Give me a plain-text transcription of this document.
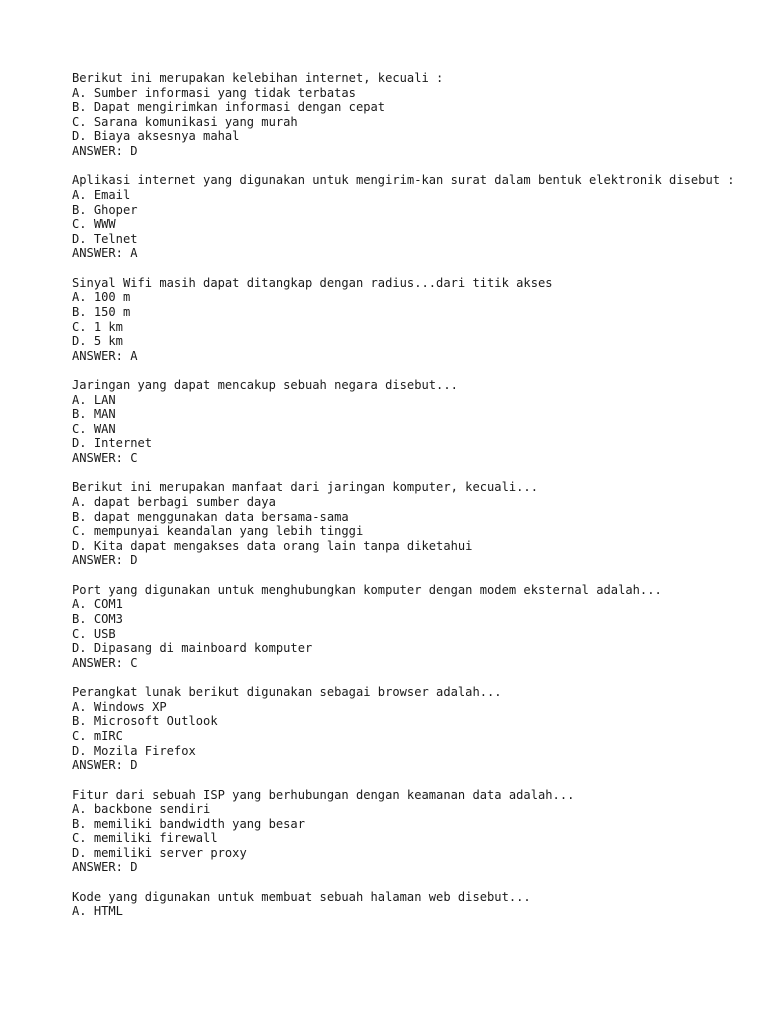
Berikut ini merupakan kelebihan internet, kecuali :
A. Sumber informasi yang tidak terbatas
B. Dapat mengirimkan informasi dengan cepat
C. Sarana komunikasi yang murah
D. Biaya aksesnya mahal
ANSWER: D
Aplikasi internet yang digunakan untuk mengirim-kan surat dalam bentuk elektronik disebut :
A. Email
B. Ghoper
C. WWW
D. Telnet
ANSWER: A
Sinyal Wifi masih dapat ditangkap dengan radius...dari titik akses
A. 100 m
B. 150 m
C. 1 km
D. 5 km
ANSWER: A
Jaringan yang dapat mencakup sebuah negara disebut...
A. LAN
B. MAN
C. WAN
D. Internet
ANSWER: C
Berikut ini merupakan manfaat dari jaringan komputer, kecuali...
A. dapat berbagi sumber daya
B. dapat menggunakan data bersama-sama
C. mempunyai keandalan yang lebih tinggi
D. Kita dapat mengakses data orang lain tanpa diketahui
ANSWER: D
Port yang digunakan untuk menghubungkan komputer dengan modem eksternal adalah...
A. COM1
B. COM3
C. USB
D. Dipasang di mainboard komputer
ANSWER: C
Perangkat lunak berikut digunakan sebagai browser adalah...
A. Windows XP
B. Microsoft Outlook
C. mIRC
D. Mozila Firefox
ANSWER: D
Fitur dari sebuah ISP yang berhubungan dengan keamanan data adalah...
A. backbone sendiri
B. memiliki bandwidth yang besar
C. memiliki firewall
D. memiliki server proxy
ANSWER: D
Kode yang digunakan untuk membuat sebuah halaman web disebut...
A. HTML
